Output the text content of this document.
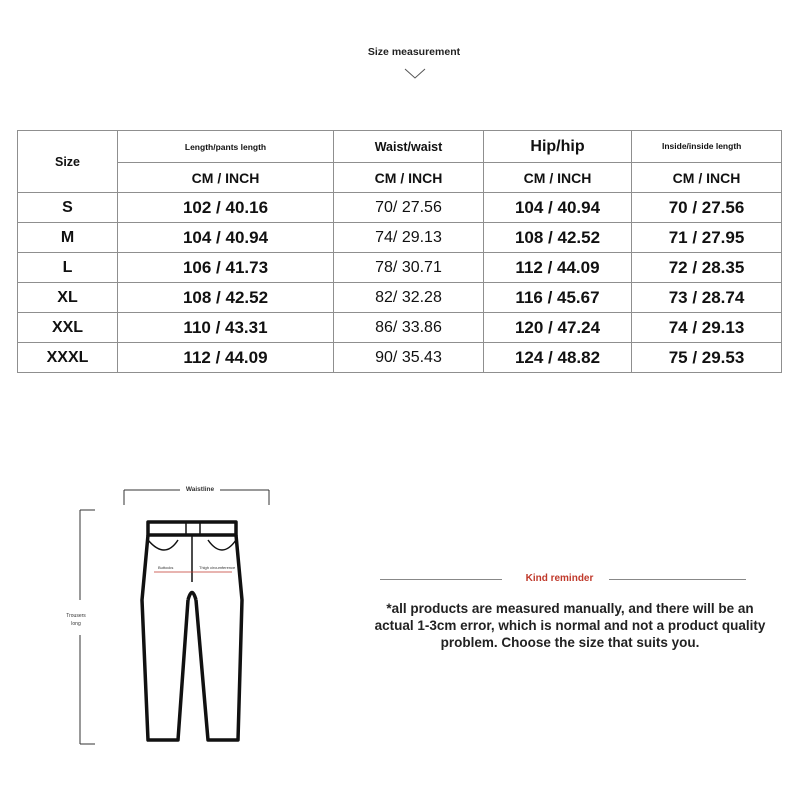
Size measurement
Size	Length/pants length	Waist/waist	Hip/hip	Inside/inside length
	CM / INCH	CM / INCH	CM / INCH	CM / INCH
S	102 / 40.16	70/ 27.56	104 / 40.94	70 / 27.56
M	104 / 40.94	74/ 29.13	108 / 42.52	71 / 27.95
L	106 / 41.73	78/ 30.71	112 / 44.09	72 / 28.35
XL	108 / 42.52	82/ 32.28	116 / 45.67	73 / 28.74
XXL	110 / 43.31	86/ 33.86	120 / 47.24	74 / 29.13
XXXL	112 / 44.09	90/ 35.43	124 / 48.82	75 / 29.53
Waistline
Trousers
long
Buttocks	Thigh circumference
Kind reminder
*all products are measured manually, and there will be an actual 1-3cm error, which is normal and not a product quality problem. Choose the size that suits you.
